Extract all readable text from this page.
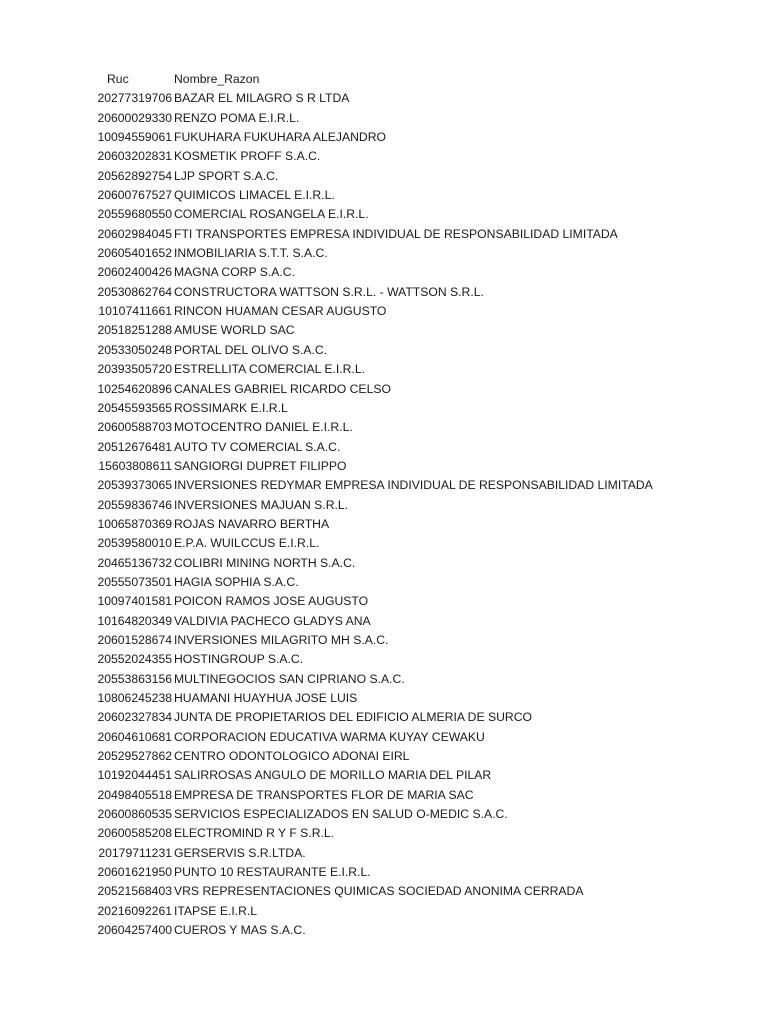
Ruc	Nombre_Razon
20277319706 BAZAR EL MILAGRO S R LTDA
20600029330 RENZO POMA E.I.R.L.
10094559061 FUKUHARA FUKUHARA ALEJANDRO
20603202831 KOSMETIK PROFF S.A.C.
20562892754 LJP SPORT S.A.C.
20600767527 QUIMICOS LIMACEL E.I.R.L.
20559680550 COMERCIAL ROSANGELA E.I.R.L.
20602984045 FTI TRANSPORTES EMPRESA INDIVIDUAL DE RESPONSABILIDAD LIMITADA
20605401652 INMOBILIARIA S.T.T. S.A.C.
20602400426 MAGNA CORP S.A.C.
20530862764 CONSTRUCTORA WATTSON S.R.L. - WATTSON S.R.L.
10107411661 RINCON HUAMAN CESAR AUGUSTO
20518251288 AMUSE WORLD SAC
20533050248 PORTAL DEL OLIVO S.A.C.
20393505720 ESTRELLITA COMERCIAL E.I.R.L.
10254620896 CANALES GABRIEL RICARDO CELSO
20545593565 ROSSIMARK E.I.R.L
20600588703 MOTOCENTRO DANIEL E.I.R.L.
20512676481 AUTO TV COMERCIAL S.A.C.
15603808611 SANGIORGI DUPRET FILIPPO
20539373065 INVERSIONES REDYMAR EMPRESA INDIVIDUAL DE RESPONSABILIDAD LIMITADA
20559836746 INVERSIONES MAJUAN S.R.L.
10065870369 ROJAS NAVARRO BERTHA
20539580010 E.P.A. WUILCCUS E.I.R.L.
20465136732 COLIBRI MINING NORTH S.A.C.
20555073501 HAGIA SOPHIA S.A.C.
10097401581 POICON RAMOS JOSE AUGUSTO
10164820349 VALDIVIA PACHECO GLADYS ANA
20601528674 INVERSIONES MILAGRITO MH S.A.C.
20552024355 HOSTINGROUP S.A.C.
20553863156 MULTINEGOCIOS SAN CIPRIANO S.A.C.
10806245238 HUAMANI HUAYHUA JOSE LUIS
20602327834 JUNTA DE PROPIETARIOS DEL EDIFICIO ALMERIA DE SURCO
20604610681 CORPORACION EDUCATIVA WARMA KUYAY CEWAKU
20529527862 CENTRO ODONTOLOGICO ADONAI EIRL
10192044451 SALIRROSAS ANGULO DE MORILLO MARIA DEL PILAR
20498405518 EMPRESA DE TRANSPORTES FLOR DE MARIA SAC
20600860535 SERVICIOS ESPECIALIZADOS EN SALUD O-MEDIC S.A.C.
20600585208 ELECTROMIND R Y F S.R.L.
20179711231 GERSERVIS S.R.LTDA.
20601621950 PUNTO 10 RESTAURANTE E.I.R.L.
20521568403 VRS REPRESENTACIONES QUIMICAS SOCIEDAD ANONIMA CERRADA
20216092261 ITAPSE E.I.R.L
20604257400 CUEROS Y MAS S.A.C.
